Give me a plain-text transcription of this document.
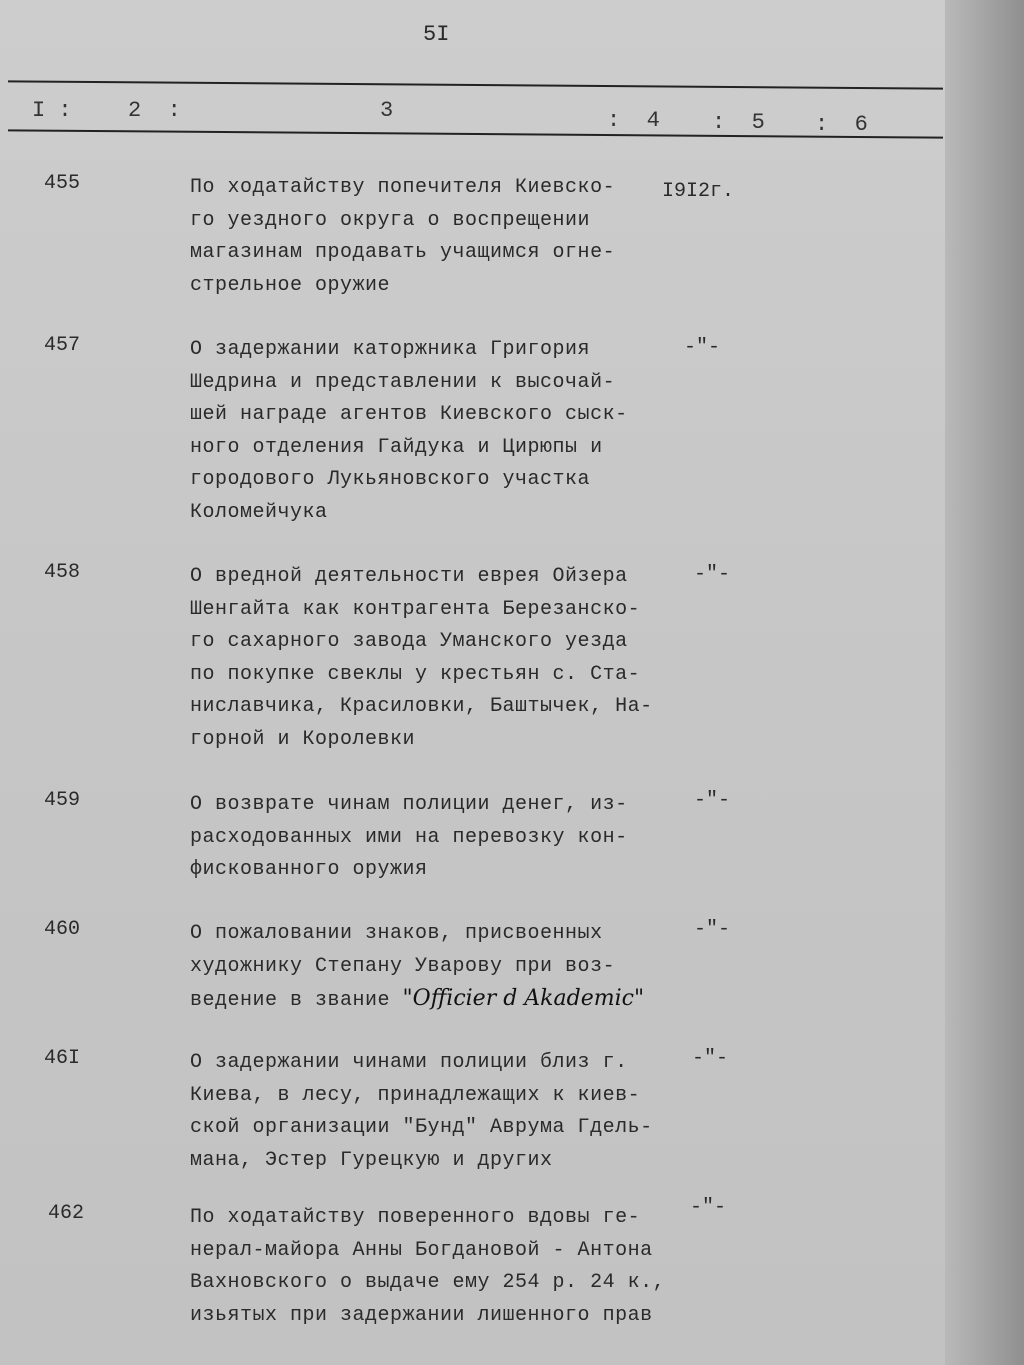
5I
I :	2 :	3	: 4 : 5 : 6
455	По ходатайству попечителя Киевско-
го уездного округа о воспрещении
магазинам продавать учащимся огне-
стрельное оружие
I9I2г.
457	О задержании каторжника Григория
Шедрина и представлении к высочай-
шей награде агентов Киевского сыск-
ного отделения Гайдука и Цирюпы и
городового Лукьяновского участка
Коломейчука
-"-
458	О вредной деятельности еврея Ойзера
Шенгайта как контрагента Березанско-
го сахарного завода Уманского уезда
по покупке свеклы у крестьян с. Ста-
ниславчика, Красиловки, Баштычек, На-
горной и Королевки
-"-
459	О возврате чинам полиции денег, из-
расходованных ими на перевозку кон-
фискованного оружия
-"-
460	О пожаловании знаков, присвоенных
художнику Степану Уварову при воз-
ведение в звание "Officier d Akademic"
-"-
46I	О задержании чинами полиции близ г.
Киева, в лесу, принадлежащих к киев-
ской организации "Бунд" Аврума Гдель-
мана, Эстер Гурецкую и других
-"-
462	По ходатайству поверенного вдовы ге-
нерал-майора Анны Богдановой - Антона
Вахновского о выдаче ему 254 р. 24 к.,
изьятых при задержании лишенного прав
-"-
